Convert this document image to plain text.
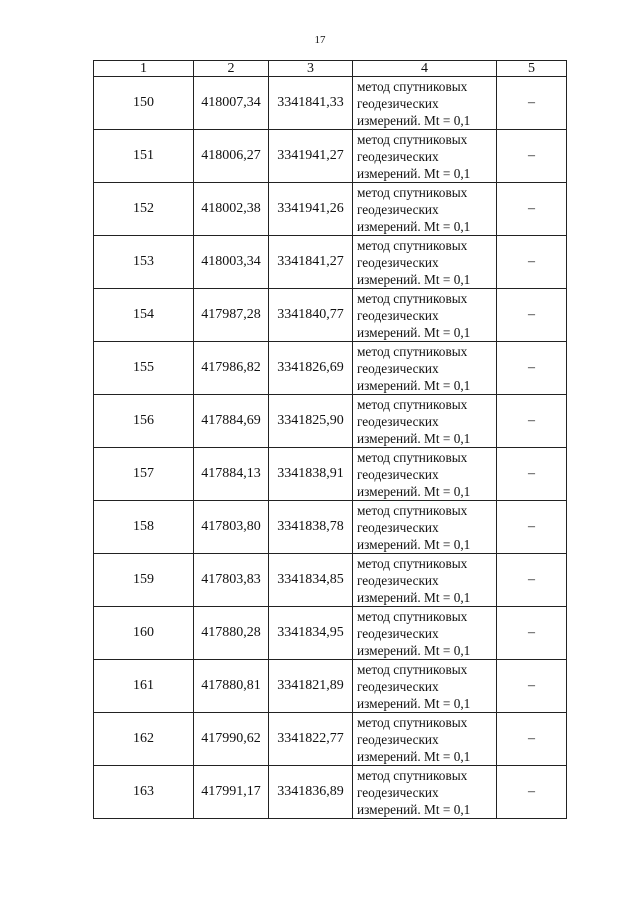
17
1	2	3	4	5
150	418007,34	3341841,33	метод спутниковых
геодезических
измерений. Mt = 0,1	–
151	418006,27	3341941,27	метод спутниковых
геодезических
измерений. Mt = 0,1	–
152	418002,38	3341941,26	метод спутниковых
геодезических
измерений. Mt = 0,1	–
153	418003,34	3341841,27	метод спутниковых
геодезических
измерений. Mt = 0,1	–
154	417987,28	3341840,77	метод спутниковых
геодезических
измерений. Mt = 0,1	–
155	417986,82	3341826,69	метод спутниковых
геодезических
измерений. Mt = 0,1	–
156	417884,69	3341825,90	метод спутниковых
геодезических
измерений. Mt = 0,1	–
157	417884,13	3341838,91	метод спутниковых
геодезических
измерений. Mt = 0,1	–
158	417803,80	3341838,78	метод спутниковых
геодезических
измерений. Mt = 0,1	–
159	417803,83	3341834,85	метод спутниковых
геодезических
измерений. Mt = 0,1	–
160	417880,28	3341834,95	метод спутниковых
геодезических
измерений. Mt = 0,1	–
161	417880,81	3341821,89	метод спутниковых
геодезических
измерений. Mt = 0,1	–
162	417990,62	3341822,77	метод спутниковых
геодезических
измерений. Mt = 0,1	–
163	417991,17	3341836,89	метод спутниковых
геодезических
измерений. Mt = 0,1	–
